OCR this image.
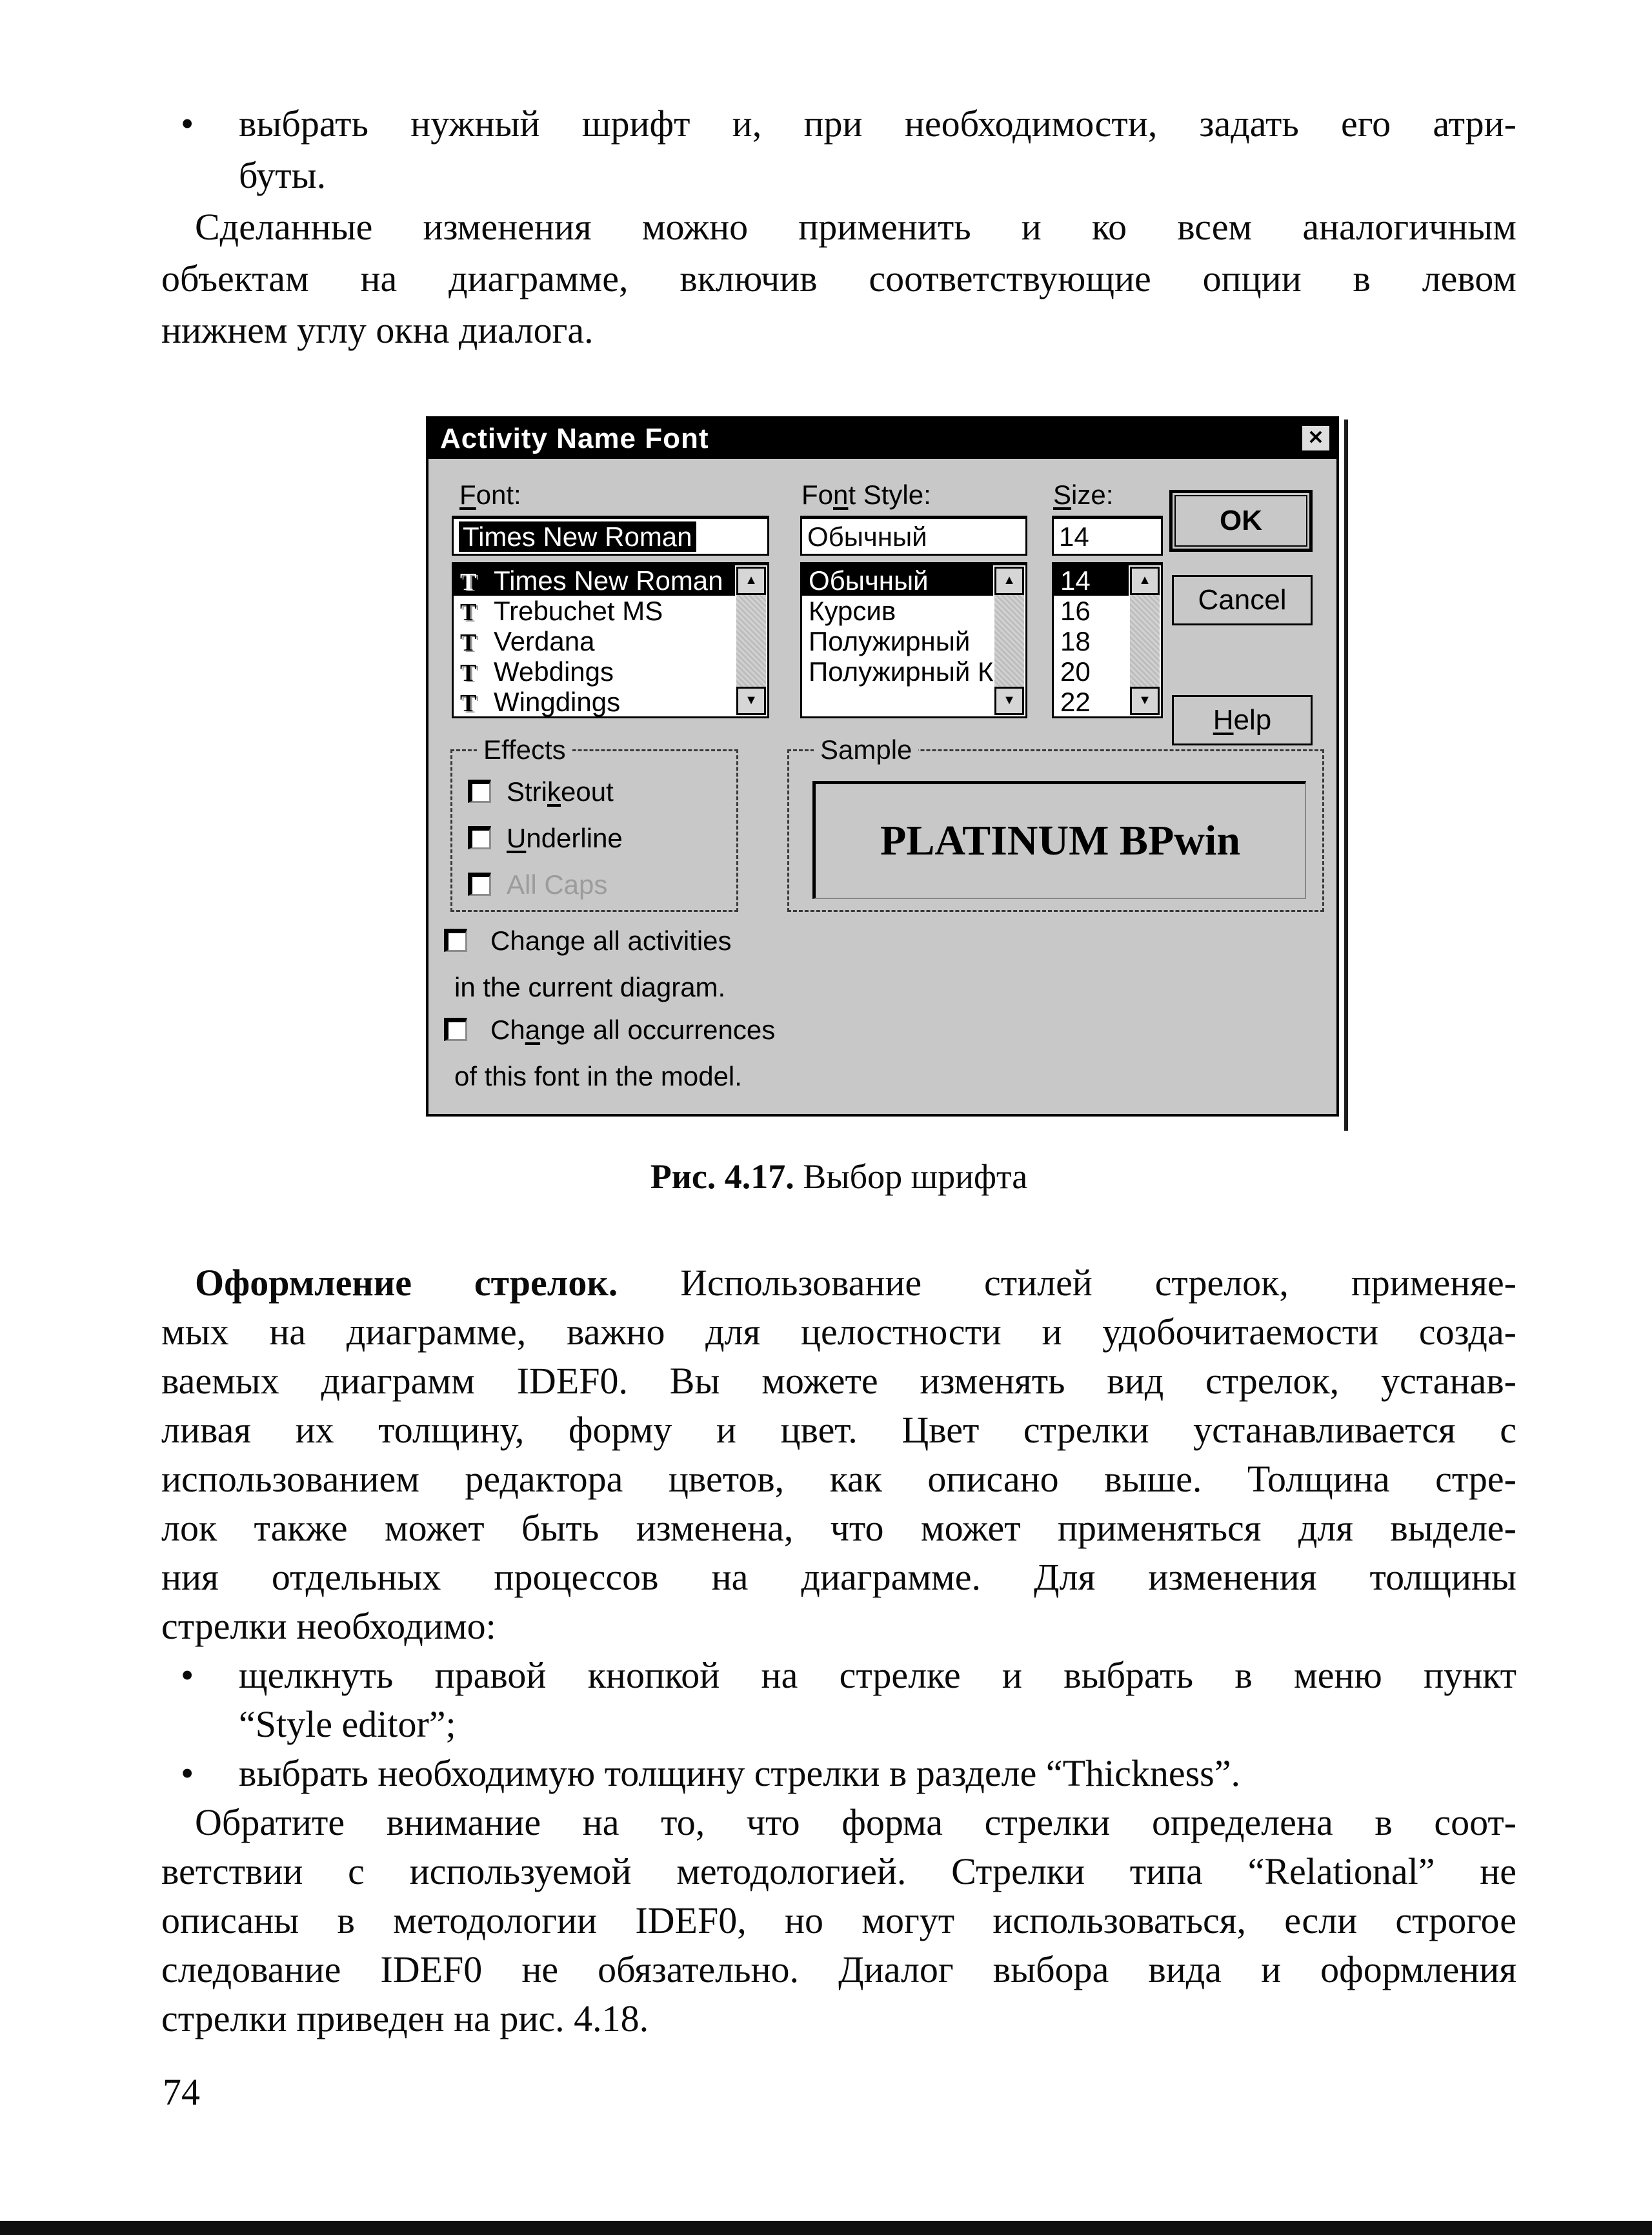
• выбрать нужный шрифт и, при необходимости, задать его атри-
буты.
Сделанные изменения можно применить и ко всем аналогичным
объектам на диаграмме, включив соответствующие опции в левом
нижнем углу окна диалога.
Activity Name Font	✕
Font:
Times New Roman
T Times New Roman
T Trebuchet MS
T Verdana
T Webdings
T Wingdings
▲
▼
Font Style:
Обычный
Обычный
Курсив
Полужирный
Полужирный К
▲
▼
Size:
14
14
16
18
20
22
▲
▼
OK
Cancel
Help
Effects
Strikeout
Underline
All Caps
Sample
PLATINUM BPwin
Change all activities
in the current diagram.
Change all occurrences
of this font in the model.
Рис. 4.17. Выбор шрифта
Оформление стрелок. Использование стилей стрелок, применяе-
мых на диаграмме, важно для целостности и удобочитаемости созда-
ваемых диаграмм IDEF0. Вы можете изменять вид стрелок, устанав-
ливая их толщину, форму и цвет. Цвет стрелки устанавливается с
использованием редактора цветов, как описано выше. Толщина стре-
лок также может быть изменена, что может применяться для выделе-
ния отдельных процессов на диаграмме. Для изменения толщины
стрелки необходимо:
• щелкнуть правой кнопкой на стрелке и выбрать в меню пункт
“Style editor”;
• выбрать необходимую толщину стрелки в разделе “Thickness”.
Обратите внимание на то, что форма стрелки определена в соот-
ветствии с используемой методологией. Стрелки типа “Relational” не
описаны в методологии IDEF0, но могут использоваться, если строгое
следование IDEF0 не обязательно. Диалог выбора вида и оформления
стрелки приведен на рис. 4.18.
74
